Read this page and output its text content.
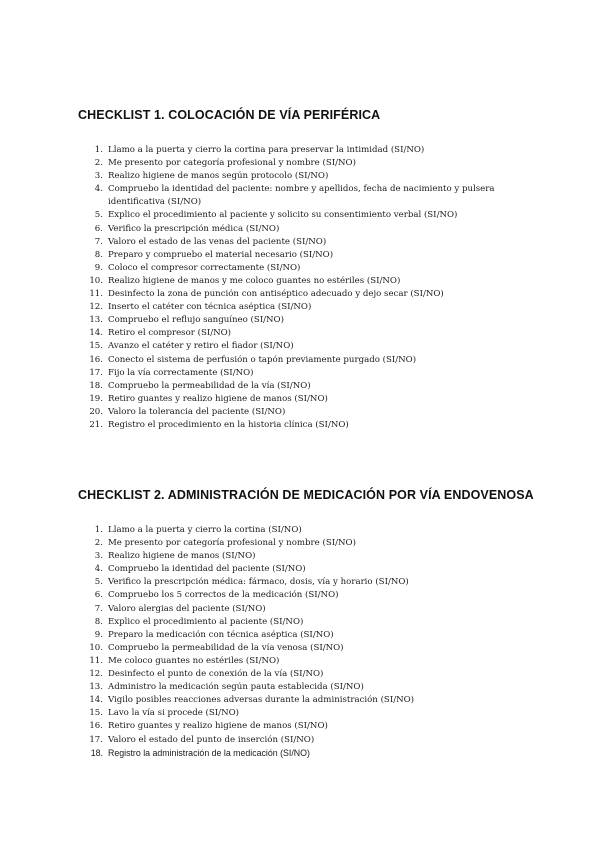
CHECKLIST 1. COLOCACIÓN DE VÍA PERIFÉRICA
1. Llamo a la puerta y cierro la cortina para preservar la intimidad (SI/NO)
2. Me presento por categoría profesional y nombre (SI/NO)
3. Realizo higiene de manos según protocolo (SI/NO)
4. Compruebo la identidad del paciente: nombre y apellidos, fecha de nacimiento y pulsera identificativa (SI/NO)
5. Explico el procedimiento al paciente y solicito su consentimiento verbal (SI/NO)
6. Verifico la prescripción médica (SI/NO)
7. Valoro el estado de las venas del paciente (SI/NO)
8. Preparo y compruebo el material necesario (SI/NO)
9. Coloco el compresor correctamente (SI/NO)
10. Realizo higiene de manos y me coloco guantes no estériles (SI/NO)
11. Desinfecto la zona de punción con antiséptico adecuado y dejo secar (SI/NO)
12. Inserto el catéter con técnica aséptica (SI/NO)
13. Compruebo el reflujo sanguíneo (SI/NO)
14. Retiro el compresor (SI/NO)
15. Avanzo el catéter y retiro el fiador (SI/NO)
16. Conecto el sistema de perfusión o tapón previamente purgado (SI/NO)
17. Fijo la vía correctamente (SI/NO)
18. Compruebo la permeabilidad de la vía (SI/NO)
19. Retiro guantes y realizo higiene de manos (SI/NO)
20. Valoro la tolerancia del paciente (SI/NO)
21. Registro el procedimiento en la historia clínica (SI/NO)
CHECKLIST 2. ADMINISTRACIÓN DE MEDICACIÓN POR VÍA ENDOVENOSA
1. Llamo a la puerta y cierro la cortina (SI/NO)
2. Me presento por categoría profesional y nombre (SI/NO)
3. Realizo higiene de manos (SI/NO)
4. Compruebo la identidad del paciente (SI/NO)
5. Verifico la prescripción médica: fármaco, dosis, vía y horario (SI/NO)
6. Compruebo los 5 correctos de la medicación (SI/NO)
7. Valoro alergias del paciente (SI/NO)
8. Explico el procedimiento al paciente (SI/NO)
9. Preparo la medicación con técnica aséptica (SI/NO)
10. Compruebo la permeabilidad de la vía venosa (SI/NO)
11. Me coloco guantes no estériles (SI/NO)
12. Desinfecto el punto de conexión de la vía (SI/NO)
13. Administro la medicación según pauta establecida (SI/NO)
14. Vigilo posibles reacciones adversas durante la administración (SI/NO)
15. Lavo la vía si procede (SI/NO)
16. Retiro guantes y realizo higiene de manos (SI/NO)
17. Valoro el estado del punto de inserción (SI/NO)
18. Registro la administración de la medicación (SI/NO)
